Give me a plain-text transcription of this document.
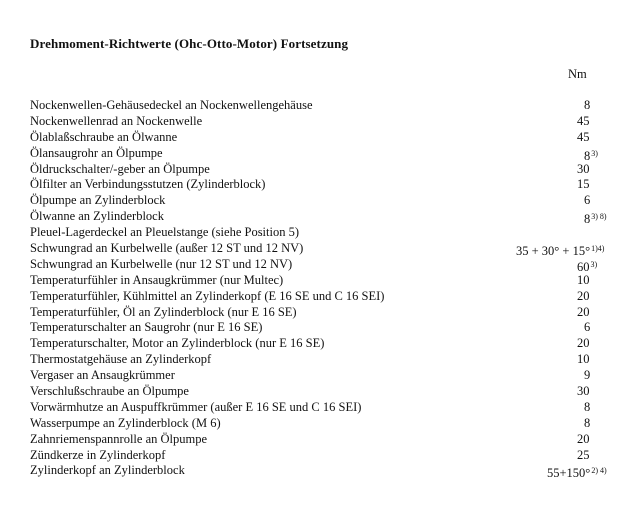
Drehmoment-Richtwerte (Ohc-Otto-Motor) Fortsetzung
Nm
Nockenwellen-Gehäusedeckel an Nockenwellengehäuse	8
Nockenwellenrad an Nockenwelle	45
Ölablaßschraube an Ölwanne	45
Ölansaugrohr an Ölpumpe	8$^{3)}$
Öldruckschalter/-geber an Ölpumpe	30
Ölfilter an Verbindungsstutzen (Zylinderblock)	15
Ölpumpe an Zylinderblock	6
Ölwanne an Zylinderblock	$8^{3) 8)}$
Pleuel-Lagerdeckel an Pleuelstange (siehe Position 5)
Schwungrad an Kurbelwelle (außer 12 ST und 12 NV)	35 + 30° + 15°$^{1)4)}$
Schwungrad an Kurbelwelle (nur 12 ST und 12 NV)	60$^{3)}$
Temperaturfühler in Ansaugkrümmer (nur Multec)	10
Temperaturfühler, Kühlmittel an Zylinderkopf (E 16 SE und C 16 SEI)	20
Temperaturfühler, Öl an Zylinderblock (nur E 16 SE)	20
Temperaturschalter an Saugrohr (nur E 16 SE)	6
Temperaturschalter, Motor an Zylinderblock (nur E 16 SE)	20
Thermostatgehäuse an Zylinderkopf	10
Vergaser an Ansaugkrümmer	9
Verschlußschraube an Ölpumpe	30
Vorwärmhutze an Auspuffkrümmer (außer E 16 SE und C 16 SEI)	8
Wasserpumpe an Zylinderblock (M 6)	8
Zahnriemenspannrolle an Ölpumpe	20
Zündkerze in Zylinderkopf	25
Zylinderkopf an Zylinderblock	55+150°$^{2) 4)}$
